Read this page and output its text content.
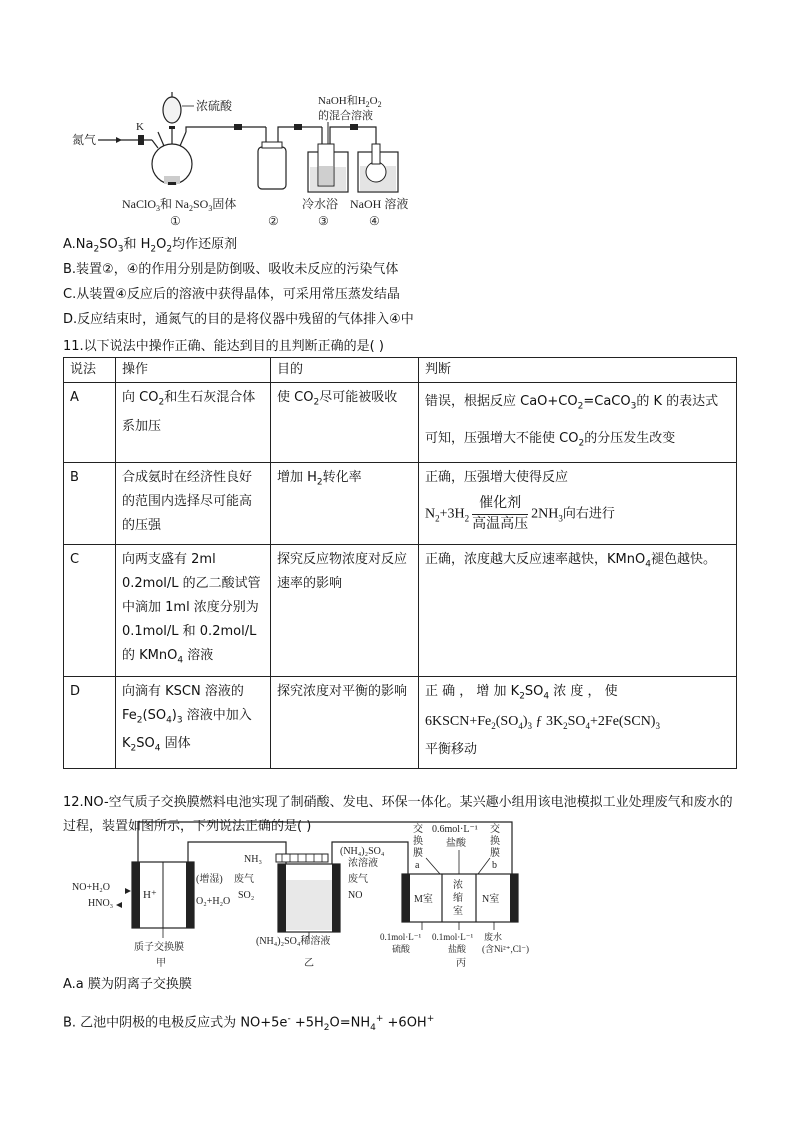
氮气
K
浓硫酸	NaOH和$H_2O_2$
的混合溶液
NaClO$_3$和 $Na_2SO_3$固体	冷水浴 NaOH 溶液
①	②	③	④
$A.Na_2SO_3$和 $H_2O_2$均作还原剂
B.装置②，④的作用分别是防倒吸、吸收未反应的污染气体
C.从装置④反应后的溶液中获得晶体，可采用常压蒸发结晶
D.反应结束时，通氮气的目的是将仪器中残留的气体排入④中
11.以下说法中操作正确、能达到目的且判断正确的是( )
说法	操作	目的	判断
A	向 $CO_2$和生石灰混合体系加压	使 $CO_2$尽可能被吸收	错误，根据反应 $CaO+CO_2=CaCO_3$的 K 的表达式可知，压强增大不能使 $CO_2$的分压发生改变
B	合成氨时在经济性良好的范围内选择尽可能高的压强	增加 $H_2$转化率	正确，压强增大使得反应
$N_2+3H_2$
催化剂
高温高压
$2NH_3$向右进行

C	向两支盛有 2ml 0.2mol/L 的乙二酸试管中滴加 1ml 浓度分别为 0.1mol/L 和 0.2mol/L 的 KMnO$_4$ 溶液	探究反应物浓度对反应速率的影响	正确，浓度越大反应速率越快，KMnO$_4$褪色越快。
D	向滴有 KSCN 溶液的 $Fe_2(SO_4)_3$ 溶液中加入 $K_2SO_4$ 固体	探究浓度对平衡的影响	正 确 ， 增 加 $K_2SO_4$ 浓 度 ， 使
$6KSCN+Fe_2(SO_4)_3$ ƒ $3K_2SO_4+2Fe(SCN)_3$
平衡移动
12.NO-空气质子交换膜燃料电池实现了制硝酸、发电、环保一体化。某兴趣小组用该电池模拟工业处理废气和废水的过程，装置如图所示，下列说法正确的是( )
H⁺
NO+H₂O
HNO₃
(增湿)
O₂+H₂O
质子交换膜
甲
NH₃
废气
SO₂
(NH₄)₂SO₄
浓溶液
废气
NO
(NH₄)₂SO₄稀溶液
乙
M室
浓
缩
室
N室
交
换
膜
a
0.6mol·L⁻¹
盐酸
交
换
膜
b
0.1mol·L⁻¹
硫酸
0.1mol·L⁻¹
盐酸
废水
(含Ni²⁺,Cl⁻)
丙
A.a 膜为阴离子交换膜
B. 乙池中阴极的电极反应式为 $NO+5e^- +5H_2O=NH_4^+ +6OH^+$
